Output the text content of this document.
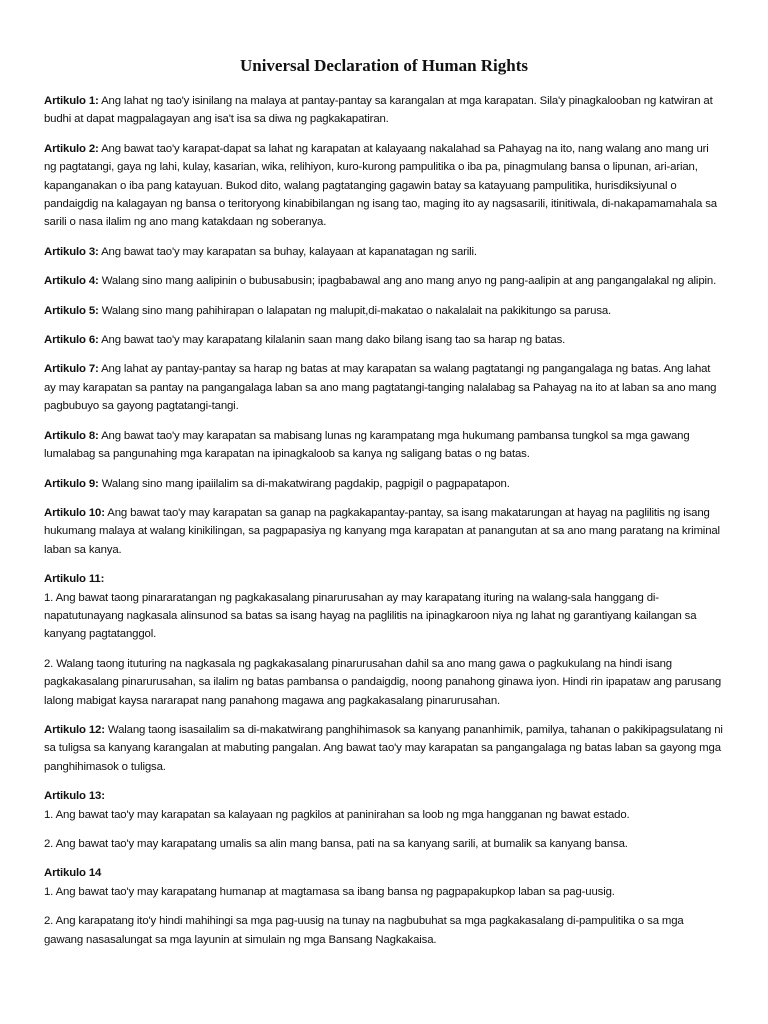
Universal Declaration of Human Rights

Artikulo 1: Ang lahat ng tao'y isinilang na malaya at pantay-pantay sa karangalan at mga karapatan. Sila'y pinagkalooban ng katwiran at budhi at dapat magpalagayan ang isa't isa sa diwa ng pagkakapatiran.

Artikulo 2: Ang bawat tao'y karapat-dapat sa lahat ng karapatan at kalayaang nakalahad sa Pahayag na ito, nang walang ano mang uri ng pagtatangi, gaya ng lahi, kulay, kasarian, wika, relihiyon, kuro-kurong pampulitika o iba pa, pinagmulang bansa o lipunan, ari-arian, kapanganakan o iba pang katayuan. Bukod dito, walang pagtatanging gagawin batay sa katayuang pampulitika, hurisdiksiyunal o pandaigdig na kalagayan ng bansa o teritoryong kinabibilangan ng isang tao, maging ito ay nagsasarili, itinitiwala, di-nakapamamahala sa sarili o nasa ilalim ng ano mang katakdaan ng soberanya.

Artikulo 3: Ang bawat tao'y may karapatan sa buhay, kalayaan at kapanatagan ng sarili.

Artikulo 4: Walang sino mang aalipinin o bubusabusin; ipagbabawal ang ano mang anyo ng pang-aalipin at ang pangangalakal ng alipin.

Artikulo 5: Walang sino mang pahihirapan o lalapatan ng malupit,di-makatao o nakalalait na pakikitungo sa parusa.

Artikulo 6: Ang bawat tao'y may karapatang kilalanin saan mang dako bilang isang tao sa harap ng batas.

Artikulo 7: Ang lahat ay pantay-pantay sa harap ng batas at may karapatan sa walang pagtatangi ng pangangalaga ng batas. Ang lahat ay may karapatan sa pantay na pangangalaga laban sa ano mang pagtatangi-tanging nalalabag sa Pahayag na ito at laban sa ano mang pagbubuyo sa gayong pagtatangi-tangi.

Artikulo 8: Ang bawat tao'y may karapatan sa mabisang lunas ng karampatang mga hukumang pambansa tungkol sa mga gawang lumalabag sa pangunahing mga karapatan na ipinagkaloob sa kanya ng saligang batas o ng batas.

Artikulo 9: Walang sino mang ipaiilalim sa di-makatwirang pagdakip, pagpigil o pagpapatapon.

Artikulo 10: Ang bawat tao'y may karapatan sa ganap na pagkakapantay-pantay, sa isang makatarungan at hayag na paglilitis ng isang hukumang malaya at walang kinikilingan, sa pagpapasiya ng kanyang mga karapatan at panangutan at sa ano mang paratang na kriminal laban sa kanya.

Artikulo 11:

1. Ang bawat taong pinararatangan ng pagkakasalang pinarurusahan ay may karapatang ituring na walang-sala hanggang di-napatutunayang nagkasala alinsunod sa batas sa isang hayag na paglilitis na ipinagkaroon niya ng lahat ng garantiyang kailangan sa kanyang pagtatanggol.

2. Walang taong ituturing na nagkasala ng pagkakasalang pinarurusahan dahil sa ano mang gawa o pagkukulang na hindi isang pagkakasalang pinarurusahan, sa ilalim ng batas pambansa o pandaigdig, noong panahong ginawa iyon. Hindi rin ipapataw ang parusang lalong mabigat kaysa nararapat nang panahong magawa ang pagkakasalang pinarurusahan.

Artikulo 12: Walang taong isasailalim sa di-makatwirang panghihimasok sa kanyang pananhimik, pamilya, tahanan o pakikipagsulatang ni sa tuligsa sa kanyang karangalan at mabuting pangalan. Ang bawat tao'y may karapatan sa pangangalaga ng batas laban sa gayong mga panghihimasok o tuligsa.

Artikulo 13:

1. Ang bawat tao'y may karapatan sa kalayaan ng pagkilos at paninirahan sa loob ng mga hangganan ng bawat estado.

2. Ang bawat tao'y may karapatang umalis sa alin mang bansa, pati na sa kanyang sarili, at bumalik sa kanyang bansa.

Artikulo 14

1. Ang bawat tao'y may karapatang humanap at magtamasa sa ibang bansa ng pagpapakupkop laban sa pag-uusig.

2. Ang karapatang ito'y hindi mahihingi sa mga pag-uusig na tunay na nagbubuhat sa mga pagkakasalang di-pampulitika o sa mga gawang nasasalungat sa mga layunin at simulain ng mga Bansang Nagkakaisa.
